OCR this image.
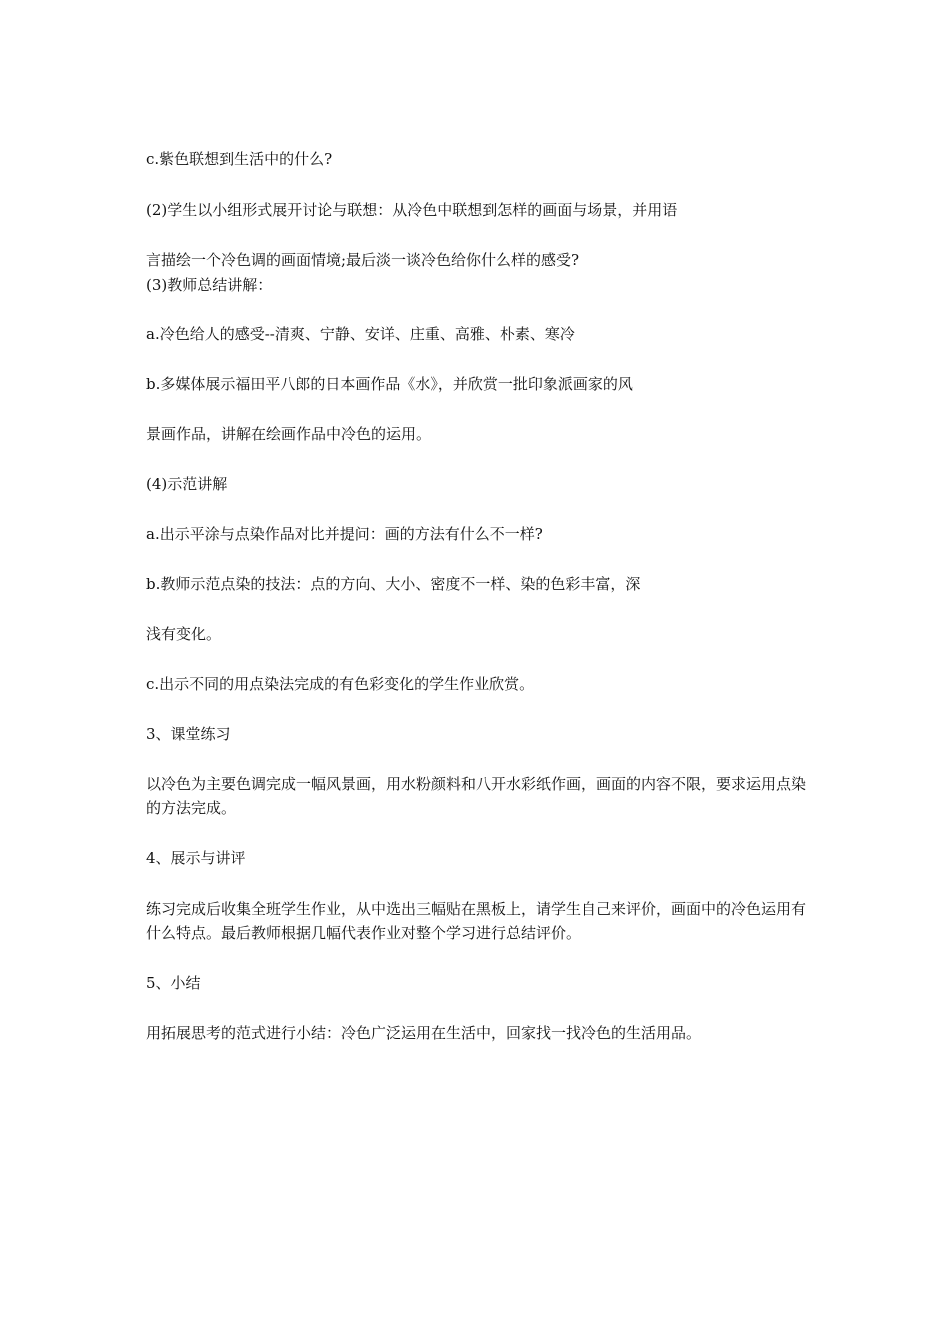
c.紫色联想到生活中的什么?

(2)学生以小组形式展开讨论与联想：从冷色中联想到怎样的画面与场景，并用语

言描绘一个冷色调的画面情境;最后淡一谈冷色给你什么样的感受?

(3)教师总结讲解：

a.冷色给人的感受--清爽、宁静、安详、庄重、高雅、朴素、寒冷

b.多媒体展示福田平八郎的日本画作品《水》，并欣赏一批印象派画家的风

景画作品，讲解在绘画作品中冷色的运用。

(4)示范讲解

a.出示平涂与点染作品对比并提问：画的方法有什么不一样?

b.教师示范点染的技法：点的方向、大小、密度不一样、染的色彩丰富，深

浅有变化。

c.出示不同的用点染法完成的有色彩变化的学生作业欣赏。

3、课堂练习

以冷色为主要色调完成一幅风景画，用水粉颜料和八开水彩纸作画，画面的内容不限，要求运用点染的方法完成。

4、展示与讲评

练习完成后收集全班学生作业，从中选出三幅贴在黑板上，请学生自己来评价，画面中的冷色运用有什么特点。最后教师根据几幅代表作业对整个学习进行总结评价。

5、小结

用拓展思考的范式进行小结：冷色广泛运用在生活中，回家找一找冷色的生活用品。
